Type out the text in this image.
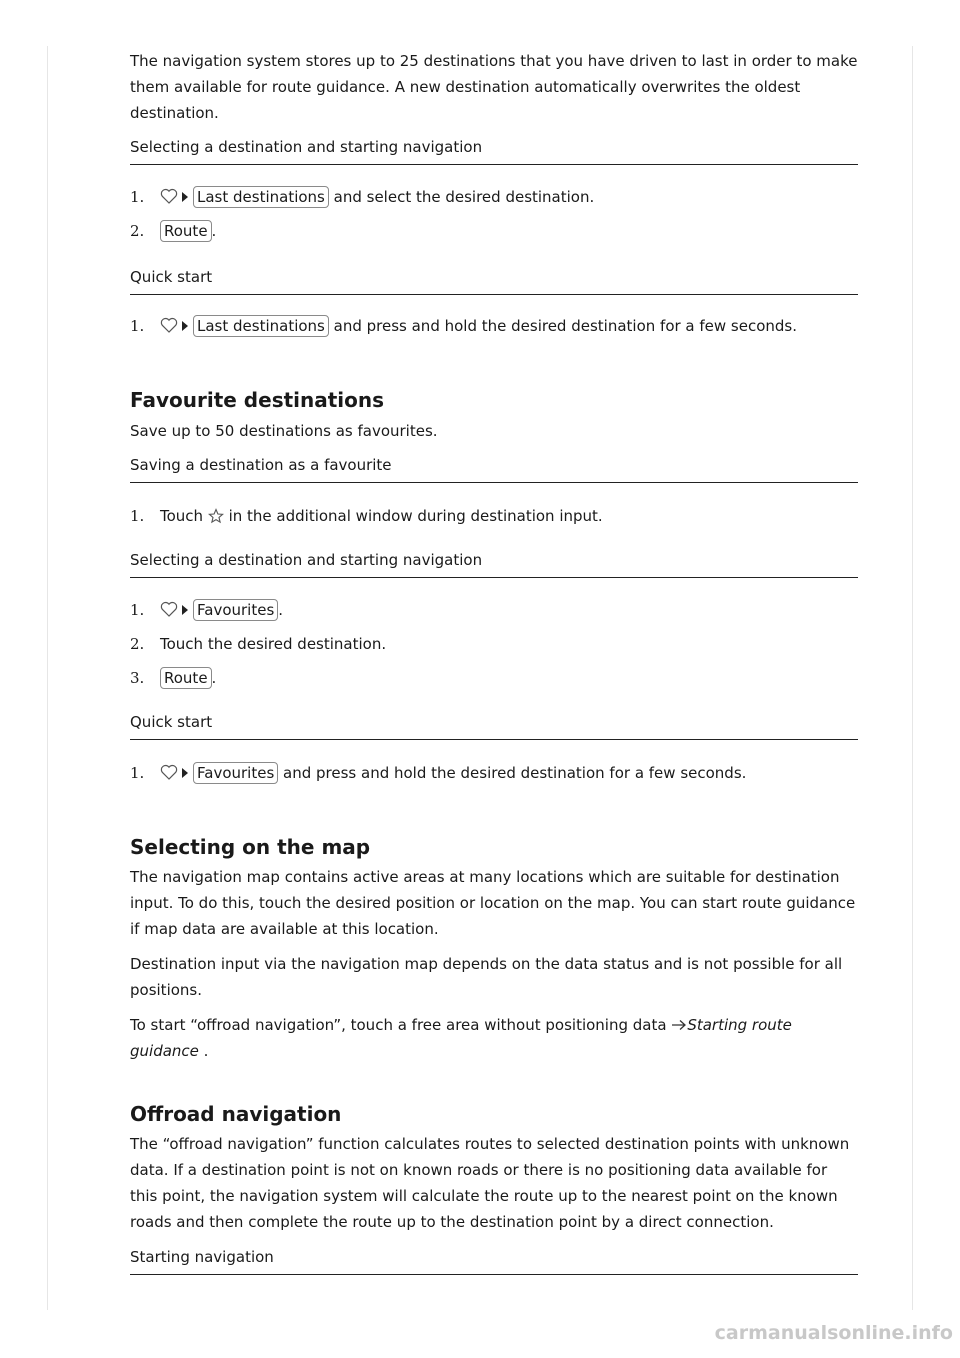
The navigation system stores up to 25 destinations that you have driven to last in order to make them available for route guidance. A new destination automatically overwrites the oldest destination.

Selecting a destination and starting navigation

1.	Last destinations and select the desired destination.
2. Route .

Quick start

1.	Last destinations and press and hold the desired destination for a few seconds.
Favourite destinations

Save up to 50 destinations as favourites.

Saving a destination as a favourite

1. Touch  in the additional window during destination input.

Selecting a destination and starting navigation

1.	Favourites .
2. Touch the desired destination.
3. Route .

Quick start

1.	Favourites and press and hold the desired destination for a few seconds.
Selecting on the map

The navigation map contains active areas at many locations which are suitable for destination input. To do this, touch the desired position or location on the map. You can start route guidance if map data are available at this location.

Destination input via the navigation map depends on the data status and is not possible for all positions.

To start “offroad navigation”, touch a free area without positioning data Starting route guidance .

Offroad navigation

The “offroad navigation” function calculates routes to selected destination points with unknown data. If a destination point is not on known roads or there is no positioning data available for this point, the navigation system will calculate the route up to the nearest point on the known roads and then complete the route up to the destination point by a direct connection.

Starting navigation

carmanualsonline.info
